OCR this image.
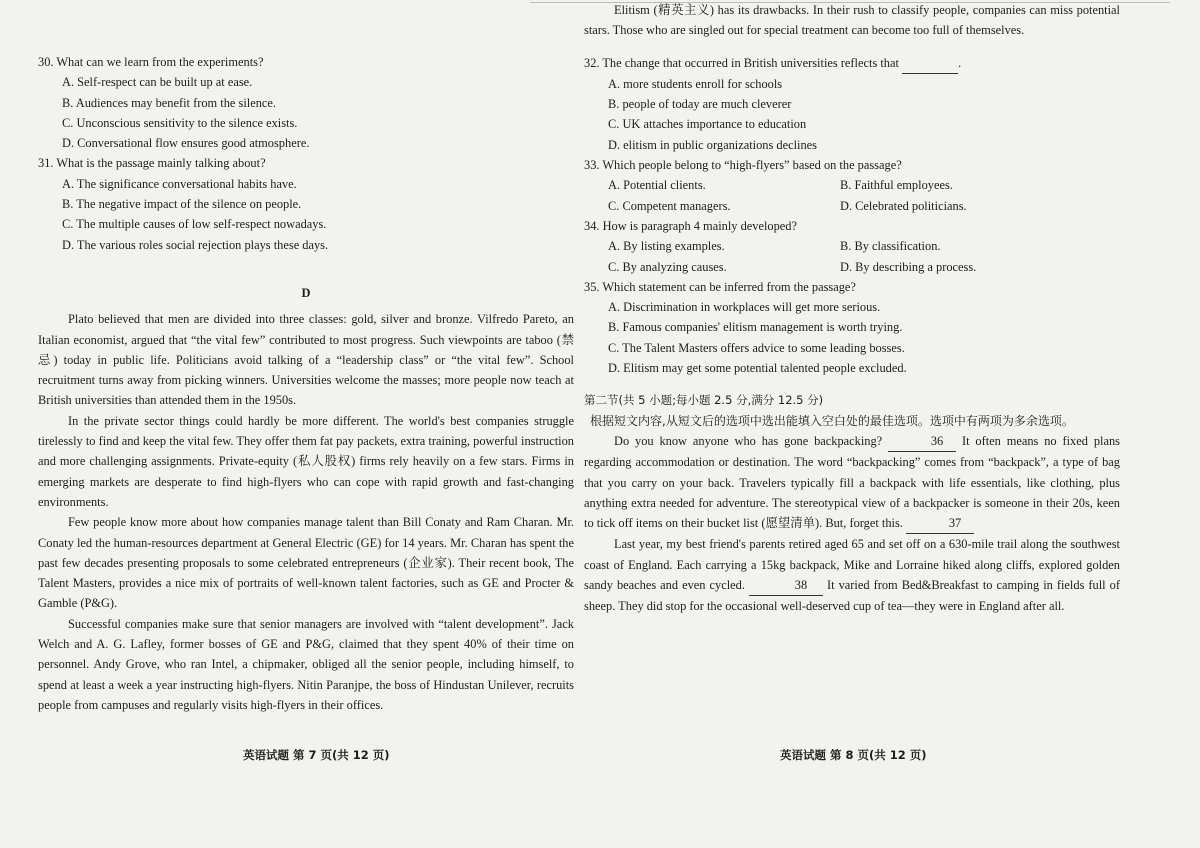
30. What can we learn from the experiments?

A. Self-respect can be built up at ease.

B. Audiences may benefit from the silence.

C. Unconscious sensitivity to the silence exists.

D. Conversational flow ensures good atmosphere.

31. What is the passage mainly talking about?

A. The significance conversational habits have.

B. The negative impact of the silence on people.

C. The multiple causes of low self-respect nowadays.

D. The various roles social rejection plays these days.

D

Plato believed that men are divided into three classes: gold, silver and bronze. Vilfredo Pareto, an Italian economist, argued that “the vital few” contributed to most progress. Such viewpoints are taboo (禁忌) today in public life. Politicians avoid talking of a “leadership class” or “the vital few”. School recruitment turns away from picking winners. Universities welcome the masses; more people now teach at British universities than attended them in the 1950s.

In the private sector things could hardly be more different. The world's best companies struggle tirelessly to find and keep the vital few. They offer them fat pay packets, extra training, powerful instruction and more challenging assignments. Private-equity (私人股权) firms rely heavily on a few stars. Firms in emerging markets are desperate to find high-flyers who can cope with rapid growth and fast-changing environments.

Few people know more about how companies manage talent than Bill Conaty and Ram Charan. Mr. Conaty led the human-resources department at General Electric (GE) for 14 years. Mr. Charan has spent the past few decades presenting proposals to some celebrated entrepreneurs (企业家). Their recent book, The Talent Masters, provides a nice mix of portraits of well-known talent factories, such as GE and Procter & Gamble (P&G).

Successful companies make sure that senior managers are involved with “talent development”. Jack Welch and A. G. Lafley, former bosses of GE and P&G, claimed that they spent 40% of their time on personnel. Andy Grove, who ran Intel, a chipmaker, obliged all the senior people, including himself, to spend at least a week a year instructing high-flyers. Nitin Paranjpe, the boss of Hindustan Unilever, recruits people from campuses and regularly visits high-flyers in their offices.

英语试题 第 7 页(共 12 页)

Elitism (精英主义) has its drawbacks. In their rush to classify people, companies can miss potential stars. Those who are singled out for special treatment can become too full of themselves.

32. The change that occurred in British universities reflects that	.

A. more students enroll for schools

B. people of today are much cleverer

C. UK attaches importance to education

D. elitism in public organizations declines

33. Which people belong to “high-flyers” based on the passage?

A. Potential clients.	B. Faithful employees.
C. Competent managers.	D. Celebrated politicians.

34. How is paragraph 4 mainly developed?

A. By listing examples.	B. By classification.
C. By analyzing causes.	D. By describing a process.

35. Which statement can be inferred from the passage?

A. Discrimination in workplaces will get more serious.

B. Famous companies' elitism management is worth trying.

C. The Talent Masters offers advice to some leading bosses.

D. Elitism may get some potential talented people excluded.

第二节(共 5 小题;每小题 2.5 分,满分 12.5 分)

根据短文内容,从短文后的选项中选出能填入空白处的最佳选项。选项中有两项为多余选项。

Do you know anyone who has gone backpacking?	36 It often means no fixed plans regarding accommodation or destination. The word “backpacking” comes from “backpack”, a type of bag that you carry on your back. Travelers typically fill a backpack with life essentials, like clothing, plus anything extra needed for adventure. The stereotypical view of a backpacker is someone in their 20s, keen to tick off items on their bucket list (愿望清单). But, forget this.	37

Last year, my best friend's parents retired aged 65 and set off on a 630-mile trail along the southwest coast of England. Each carrying a 15kg backpack, Mike and Lorraine hiked along cliffs, explored golden sandy beaches and even cycled.	38 It varied from Bed&Breakfast to camping in fields full of sheep. They did stop for the occasional well-deserved cup of tea—they were in England after all.

英语试题 第 8 页(共 12 页)
